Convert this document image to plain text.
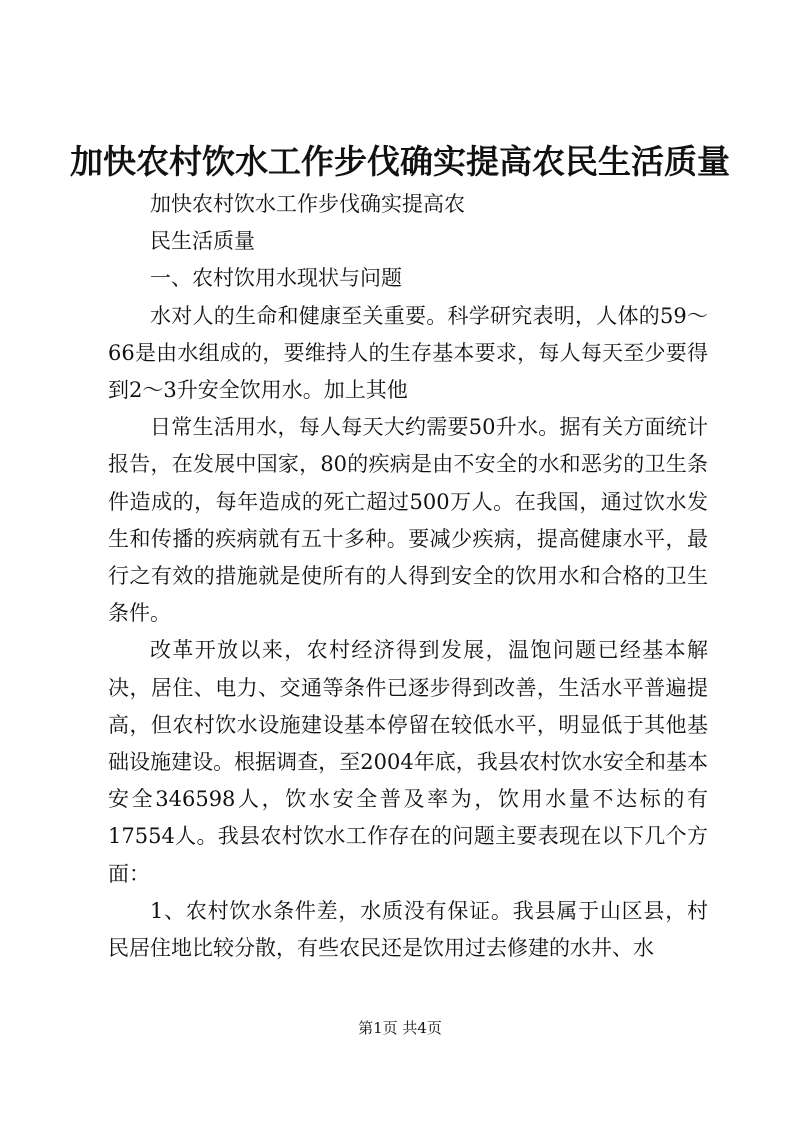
加快农村饮水工作步伐确实提高农民生活质量

加快农村饮水工作步伐确实提高农

民生活质量

一、农村饮用水现状与问题

水对人的生命和健康至关重要。科学研究表明，人体的59～66是由水组成的，要维持人的生存基本要求，每人每天至少要得到2～3升安全饮用水。加上其他

日常生活用水，每人每天大约需要50升水。据有关方面统计报告，在发展中国家，80的疾病是由不安全的水和恶劣的卫生条件造成的，每年造成的死亡超过500万人。在我国，通过饮水发生和传播的疾病就有五十多种。要减少疾病，提高健康水平，最行之有效的措施就是使所有的人得到安全的饮用水和合格的卫生条件。

改革开放以来，农村经济得到发展，温饱问题已经基本解决，居住、电力、交通等条件已逐步得到改善，生活水平普遍提高，但农村饮水设施建设基本停留在较低水平，明显低于其他基础设施建设。根据调查，至2004年底，我县农村饮水安全和基本安全346598人，饮水安全普及率为，饮用水量不达标的有17554人。我县农村饮水工作存在的问题主要表现在以下几个方面：

1、农村饮水条件差，水质没有保证。我县属于山区县，村民居住地比较分散，有些农民还是饮用过去修建的水井、水

第1页 共4页
